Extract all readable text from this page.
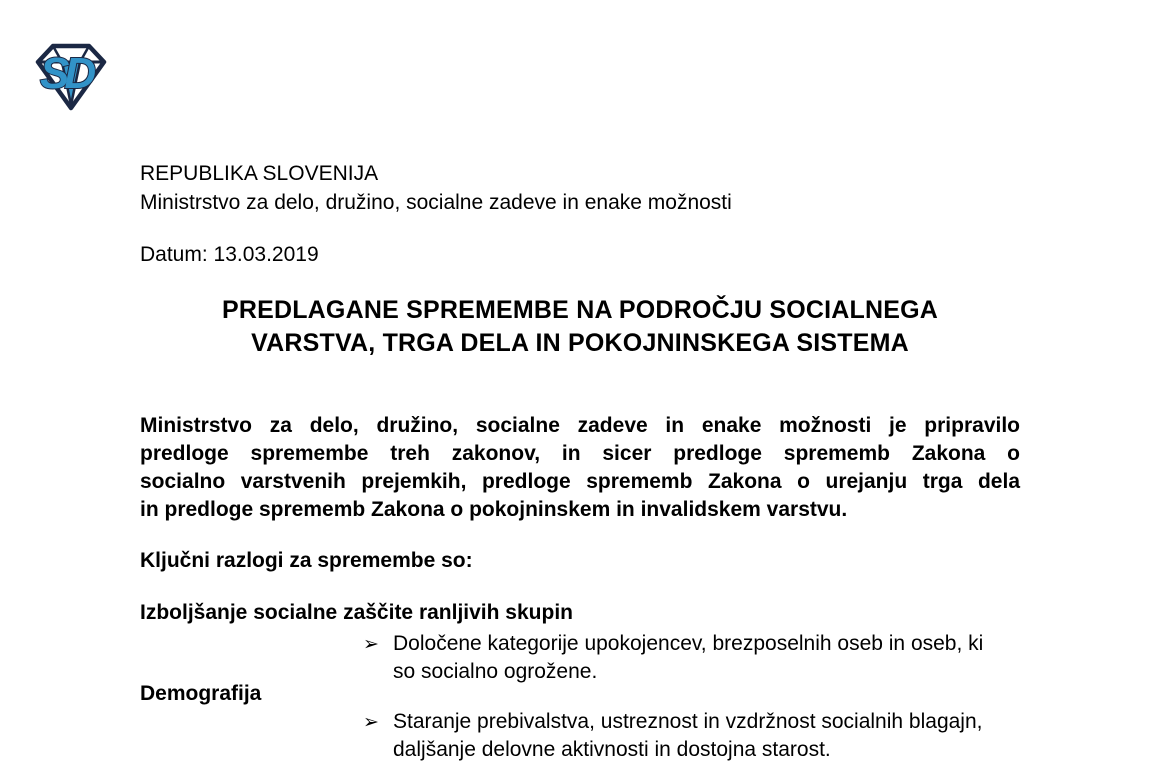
SD
REPUBLIKA SLOVENIJA
Ministrstvo za delo, družino, socialne zadeve in enake možnosti
Datum: 13.03.2019
PREDLAGANE SPREMEMBE NA PODROČJU SOCIALNEGA
VARSTVA, TRGA DELA IN POKOJNINSKEGA SISTEMA
Ministrstvo za delo, družino, socialne zadeve in enake možnosti je pripravilo
predloge spremembe treh zakonov, in sicer predloge sprememb Zakona o
socialno varstvenih prejemkih, predloge sprememb Zakona o urejanju trga dela
in predloge sprememb Zakona o pokojninskem in invalidskem varstvu.
Ključni razlogi za spremembe so:
Izboljšanje socialne zaščite ranljivih skupin
➢ Določene kategorije upokojencev, brezposelnih oseb in oseb, ki so socialno ogrožene.
Demografija
➢ Staranje prebivalstva, ustreznost in vzdržnost socialnih blagajn, daljšanje delovne aktivnosti in dostojna starost.
